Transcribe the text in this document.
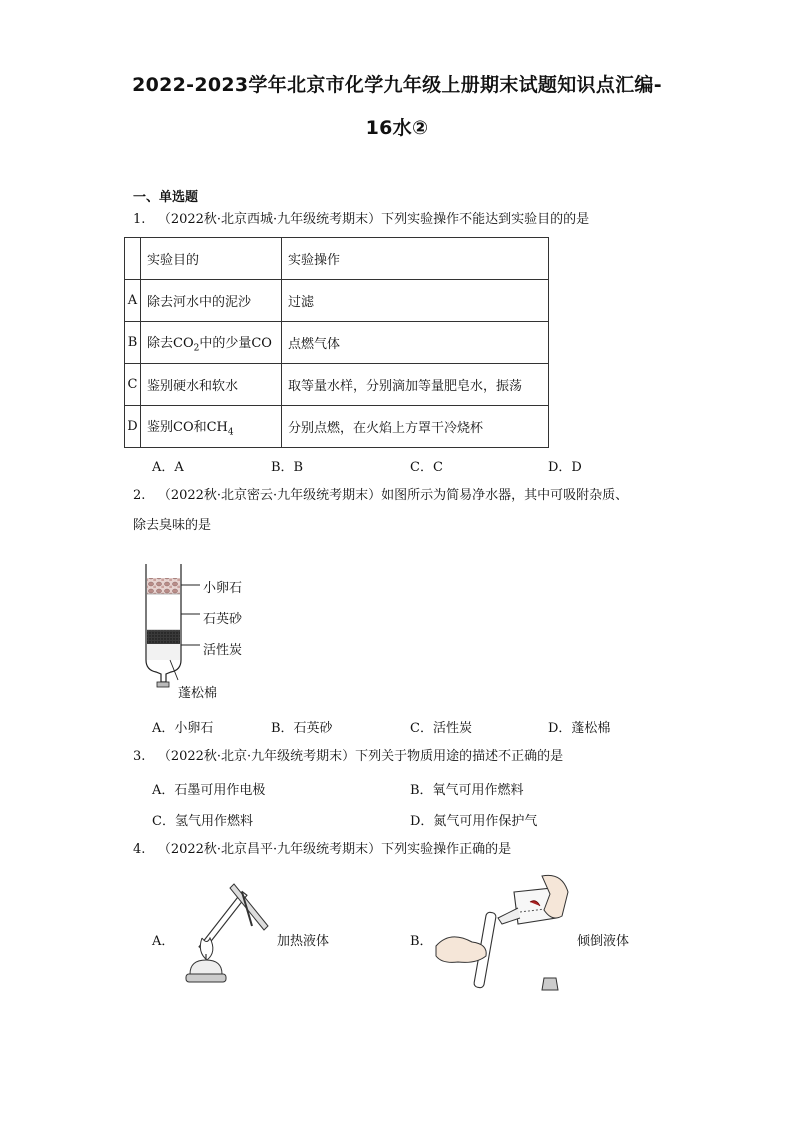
2022-2023学年北京市化学九年级上册期末试题知识点汇编-
16水②
一、单选题
1. （2022秋·北京西城·九年级统考期末）下列实验操作不能达到实验目的的是
	实验目的	实验操作
A	除去河水中的泥沙	过滤
B	除去$CO_2$中的少量CO	点燃气体
C	鉴别硬水和软水	取等量水样，分别滴加等量肥皂水，振荡
D	鉴别CO和$CH_4$	分别点燃，在火焰上方罩干冷烧杯
A．A	B．B	C．C	D．D
2. （2022秋·北京密云·九年级统考期末）如图所示为简易净水器，其中可吸附杂质、
除去臭味的是
小卵石
石英砂
活性炭
蓬松棉
A．小卵石	B．石英砂	C．活性炭	D．蓬松棉
3. （2022秋·北京·九年级统考期末）下列关于物质用途的描述不正确的是
A．石墨可用作电极	B．氧气可用作燃料
C．氢气用作燃料	D．氮气可用作保护气
4. （2022秋·北京昌平·九年级统考期末）下列实验操作正确的是
A．	加热液体	B．	倾倒液体
